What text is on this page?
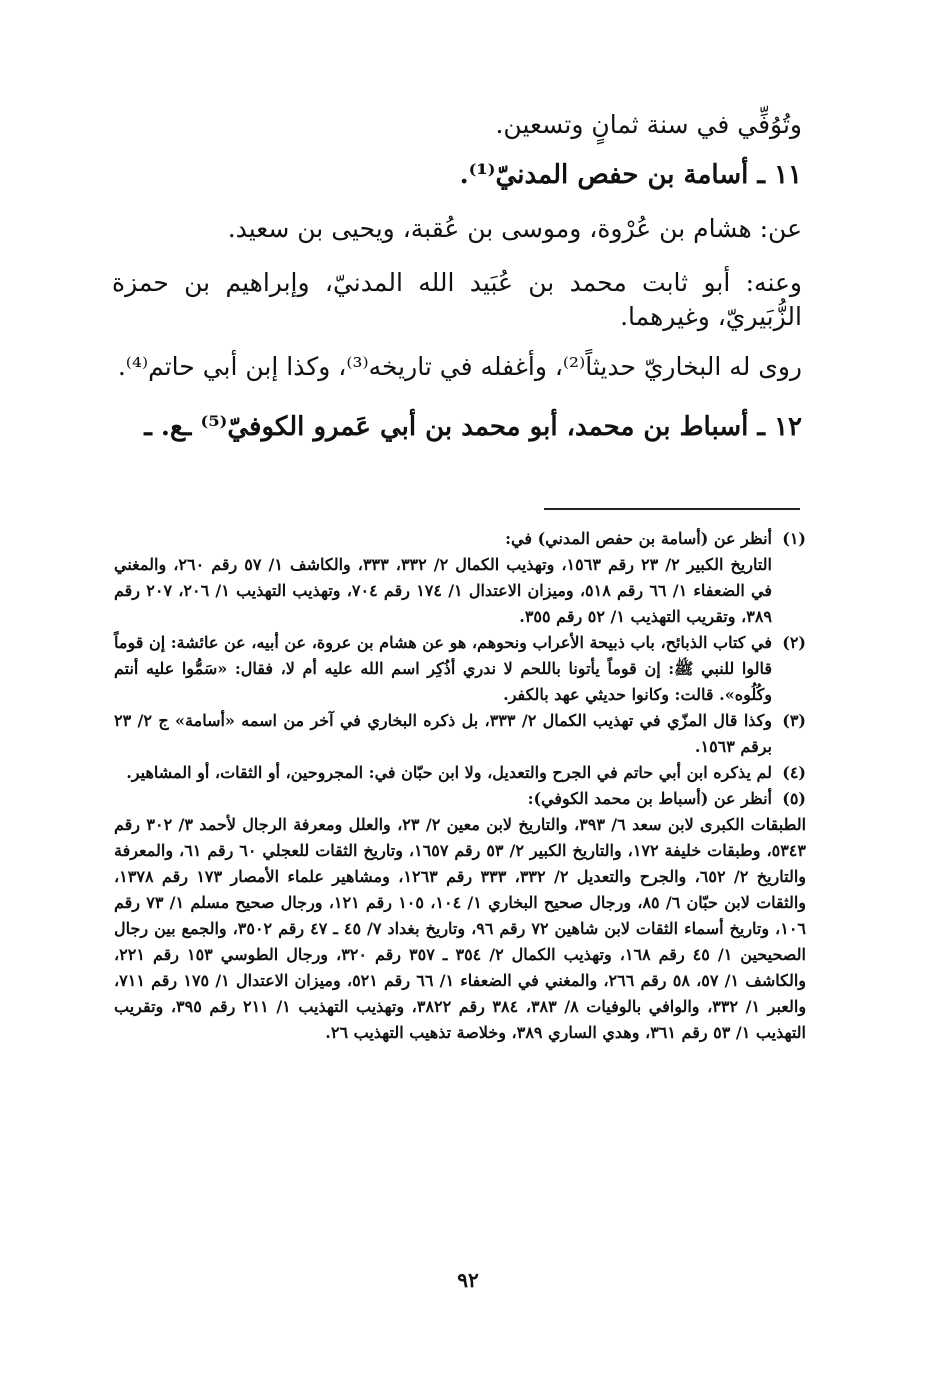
وتُوُفِّي في سنة ثمانٍ وتسعين.

١١ ـ أسامة بن حفص المدنيّ⁽¹⁾.

عن: هشام بن عُرْوة، وموسى بن عُقبة، ويحيى بن سعيد.

وعنه: أبو ثابت محمد بن عُبَيد الله المدنيّ، وإبراهيم بن حمزة الزُّبَيريّ، وغيرهما.

روى له البخاريّ حديثاً⁽²⁾، وأغفله في تاريخه⁽³⁾، وكذا إبن أبي حاتم⁽⁴⁾.

١٢ ـ أسباط بن محمد، أبو محمد بن أبي عَمرو الكوفيّ⁽⁵⁾ ـع. ـ

(١)

أنظر عن (أسامة بن حفص المدني) في:

التاريخ الكبير ٢/ ٢٣ رقم ١٥٦٣، وتهذيب الكمال ٢/ ٣٣٢، ٣٣٣، والكاشف ١/ ٥٧ رقم ٢٦٠، والمغني في الضعفاء ١/ ٦٦ رقم ٥١٨، وميزان الاعتدال ١/ ١٧٤ رقم ٧٠٤، وتهذيب التهذيب ١/ ٢٠٦، ٢٠٧ رقم ٣٨٩، وتقريب التهذيب ١/ ٥٢ رقم ٣٥٥.

(٢)

في كتاب الذبائح، باب ذبيحة الأعراب ونحوهم، هو عن هشام بن عروة، عن أبيه، عن عائشة: إن قوماً قالوا للنبي ﷺ: إن قوماً يأتونا باللحم لا ندري أذُكِر اسم الله عليه أم لا، فقال: «سَمُّوا عليه أنتم وكُلُوه». قالت: وكانوا حديثي عهد بالكفر.

(٣)

وكذا قال المزّي في تهذيب الكمال ٢/ ٣٣٣، بل ذكره البخاري في آخر من اسمه «أسامة» ج ٢/ ٢٣ برقم ١٥٦٣.

(٤)

لم يذكره ابن أبي حاتم في الجرح والتعديل، ولا ابن حبّان في: المجروحين، أو الثقات، أو المشاهير.

(٥)

أنظر عن (أسباط بن محمد الكوفي):

الطبقات الكبرى لابن سعد ٦/ ٣٩٣، والتاريخ لابن معين ٢/ ٢٣، والعلل ومعرفة الرجال لأحمد ٣/ ٣٠٢ رقم ٥٣٤٣، وطبقات خليفة ١٧٢، والتاريخ الكبير ٢/ ٥٣ رقم ١٦٥٧، وتاريخ الثقات للعجلي ٦٠ رقم ٦١، والمعرفة والتاريخ ٢/ ٦٥٢، والجرح والتعديل ٢/ ٣٣٢، ٣٣٣ رقم ١٢٦٣، ومشاهير علماء الأمصار ١٧٣ رقم ١٣٧٨، والثقات لابن حبّان ٦/ ٨٥، ورجال صحيح البخاري ١/ ١٠٤، ١٠٥ رقم ١٢١، ورجال صحيح مسلم ١/ ٧٣ رقم ١٠٦، وتاريخ أسماء الثقات لابن شاهين ٧٢ رقم ٩٦، وتاريخ بغداد ٧/ ٤٥ ـ ٤٧ رقم ٣٥٠٢، والجمع بين رجال الصحيحين ١/ ٤٥ رقم ١٦٨، وتهذيب الكمال ٢/ ٣٥٤ ـ ٣٥٧ رقم ٣٢٠، ورجال الطوسي ١٥٣ رقم ٢٢١، والكاشف ١/ ٥٧، ٥٨ رقم ٢٦٦، والمغني في الضعفاء ١/ ٦٦ رقم ٥٢١، وميزان الاعتدال ١/ ١٧٥ رقم ٧١١، والعبر ١/ ٣٣٢، والوافي بالوفيات ٨/ ٣٨٣، ٣٨٤ رقم ٣٨٢٢، وتهذيب التهذيب ١/ ٢١١ رقم ٣٩٥، وتقريب التهذيب ١/ ٥٣ رقم ٣٦١، وهدي الساري ٣٨٩، وخلاصة تذهيب التهذيب ٢٦.

٩٢
